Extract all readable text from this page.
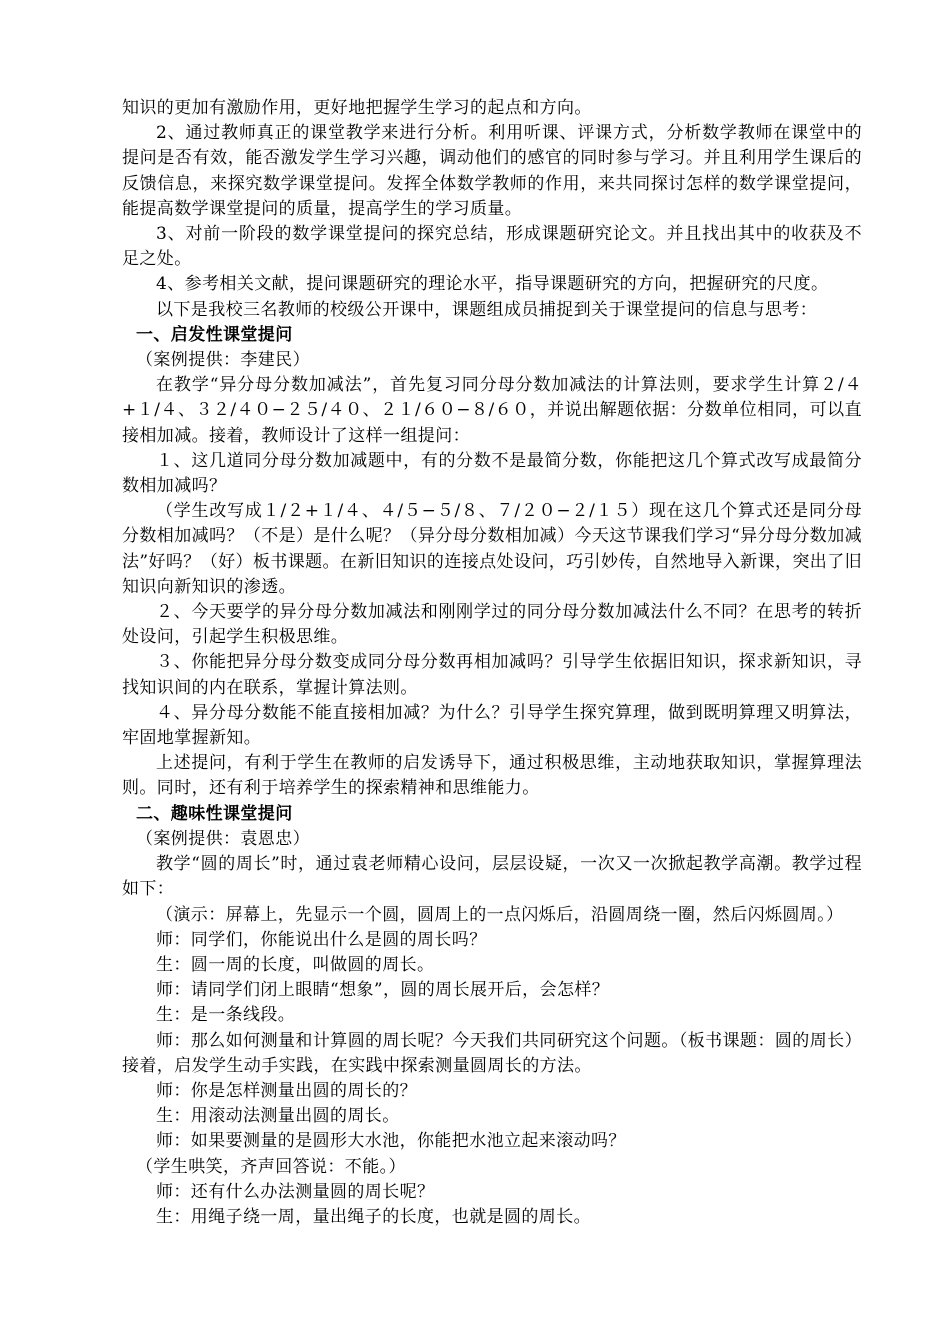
知识的更加有激励作用，更好地把握学生学习的起点和方向。

2、通过教师真正的课堂教学来进行分析。利用听课、评课方式，分析数学教师在课堂中的提问是否有效，能否激发学生学习兴趣，调动他们的感官的同时参与学习。并且利用学生课后的反馈信息，来探究数学课堂提问。发挥全体数学教师的作用，来共同探讨怎样的数学课堂提问，能提高数学课堂提问的质量，提高学生的学习质量。

3、对前一阶段的数学课堂提问的探究总结，形成课题研究论文。并且找出其中的收获及不足之处。

4、参考相关文献，提问课题研究的理论水平，指导课题研究的方向，把握研究的尺度。

以下是我校三名教师的校级公开课中，课题组成员捕捉到关于课堂提问的信息与思考：

一、启发性课堂提问

（案例提供：李建民）

在教学“异分母分数加减法”，首先复习同分母分数加减法的计算法则，要求学生计算２/４+１/４、３２/４０−２５/４０、２１/６０−８/６０，并说出解题依据：分数单位相同，可以直接相加减。接着，教师设计了这样一组提问：

１、这几道同分母分数加减题中，有的分数不是最简分数，你能把这几个算式改写成最简分数相加减吗？

（学生改写成１/２+１/４、４/５−５/８、７/２０−２/１５）现在这几个算式还是同分母分数相加减吗？（不是）是什么呢？（异分母分数相加减）今天这节课我们学习“异分母分数加减法”好吗？（好）板书课题。在新旧知识的连接点处设问，巧引妙传，自然地导入新课，突出了旧知识向新知识的渗透。

２、今天要学的异分母分数加减法和刚刚学过的同分母分数加减法什么不同？在思考的转折处设问，引起学生积极思维。

３、你能把异分母分数变成同分母分数再相加减吗？引导学生依据旧知识，探求新知识，寻找知识间的内在联系，掌握计算法则。

４、异分母分数能不能直接相加减？为什么？引导学生探究算理，做到既明算理又明算法，牢固地掌握新知。

上述提问，有利于学生在教师的启发诱导下，通过积极思维，主动地获取知识，掌握算理法则。同时，还有利于培养学生的探索精神和思维能力。

二、趣味性课堂提问

（案例提供：袁恩忠）

教学“圆的周长”时，通过袁老师精心设问，层层设疑，一次又一次掀起教学高潮。教学过程如下：

（演示：屏幕上，先显示一个圆，圆周上的一点闪烁后，沿圆周绕一圈，然后闪烁圆周。）

师：同学们，你能说出什么是圆的周长吗？

生：圆一周的长度，叫做圆的周长。

师：请同学们闭上眼睛“想象”，圆的周长展开后，会怎样？

生：是一条线段。

师：那么如何测量和计算圆的周长呢？今天我们共同研究这个问题。（板书课题：圆的周长）接着，启发学生动手实践，在实践中探索测量圆周长的方法。

师：你是怎样测量出圆的周长的？

生：用滚动法测量出圆的周长。

师：如果要测量的是圆形大水池，你能把水池立起来滚动吗？

（学生哄笑，齐声回答说：不能。）

师：还有什么办法测量圆的周长呢？

生：用绳子绕一周，量出绳子的长度，也就是圆的周长。
